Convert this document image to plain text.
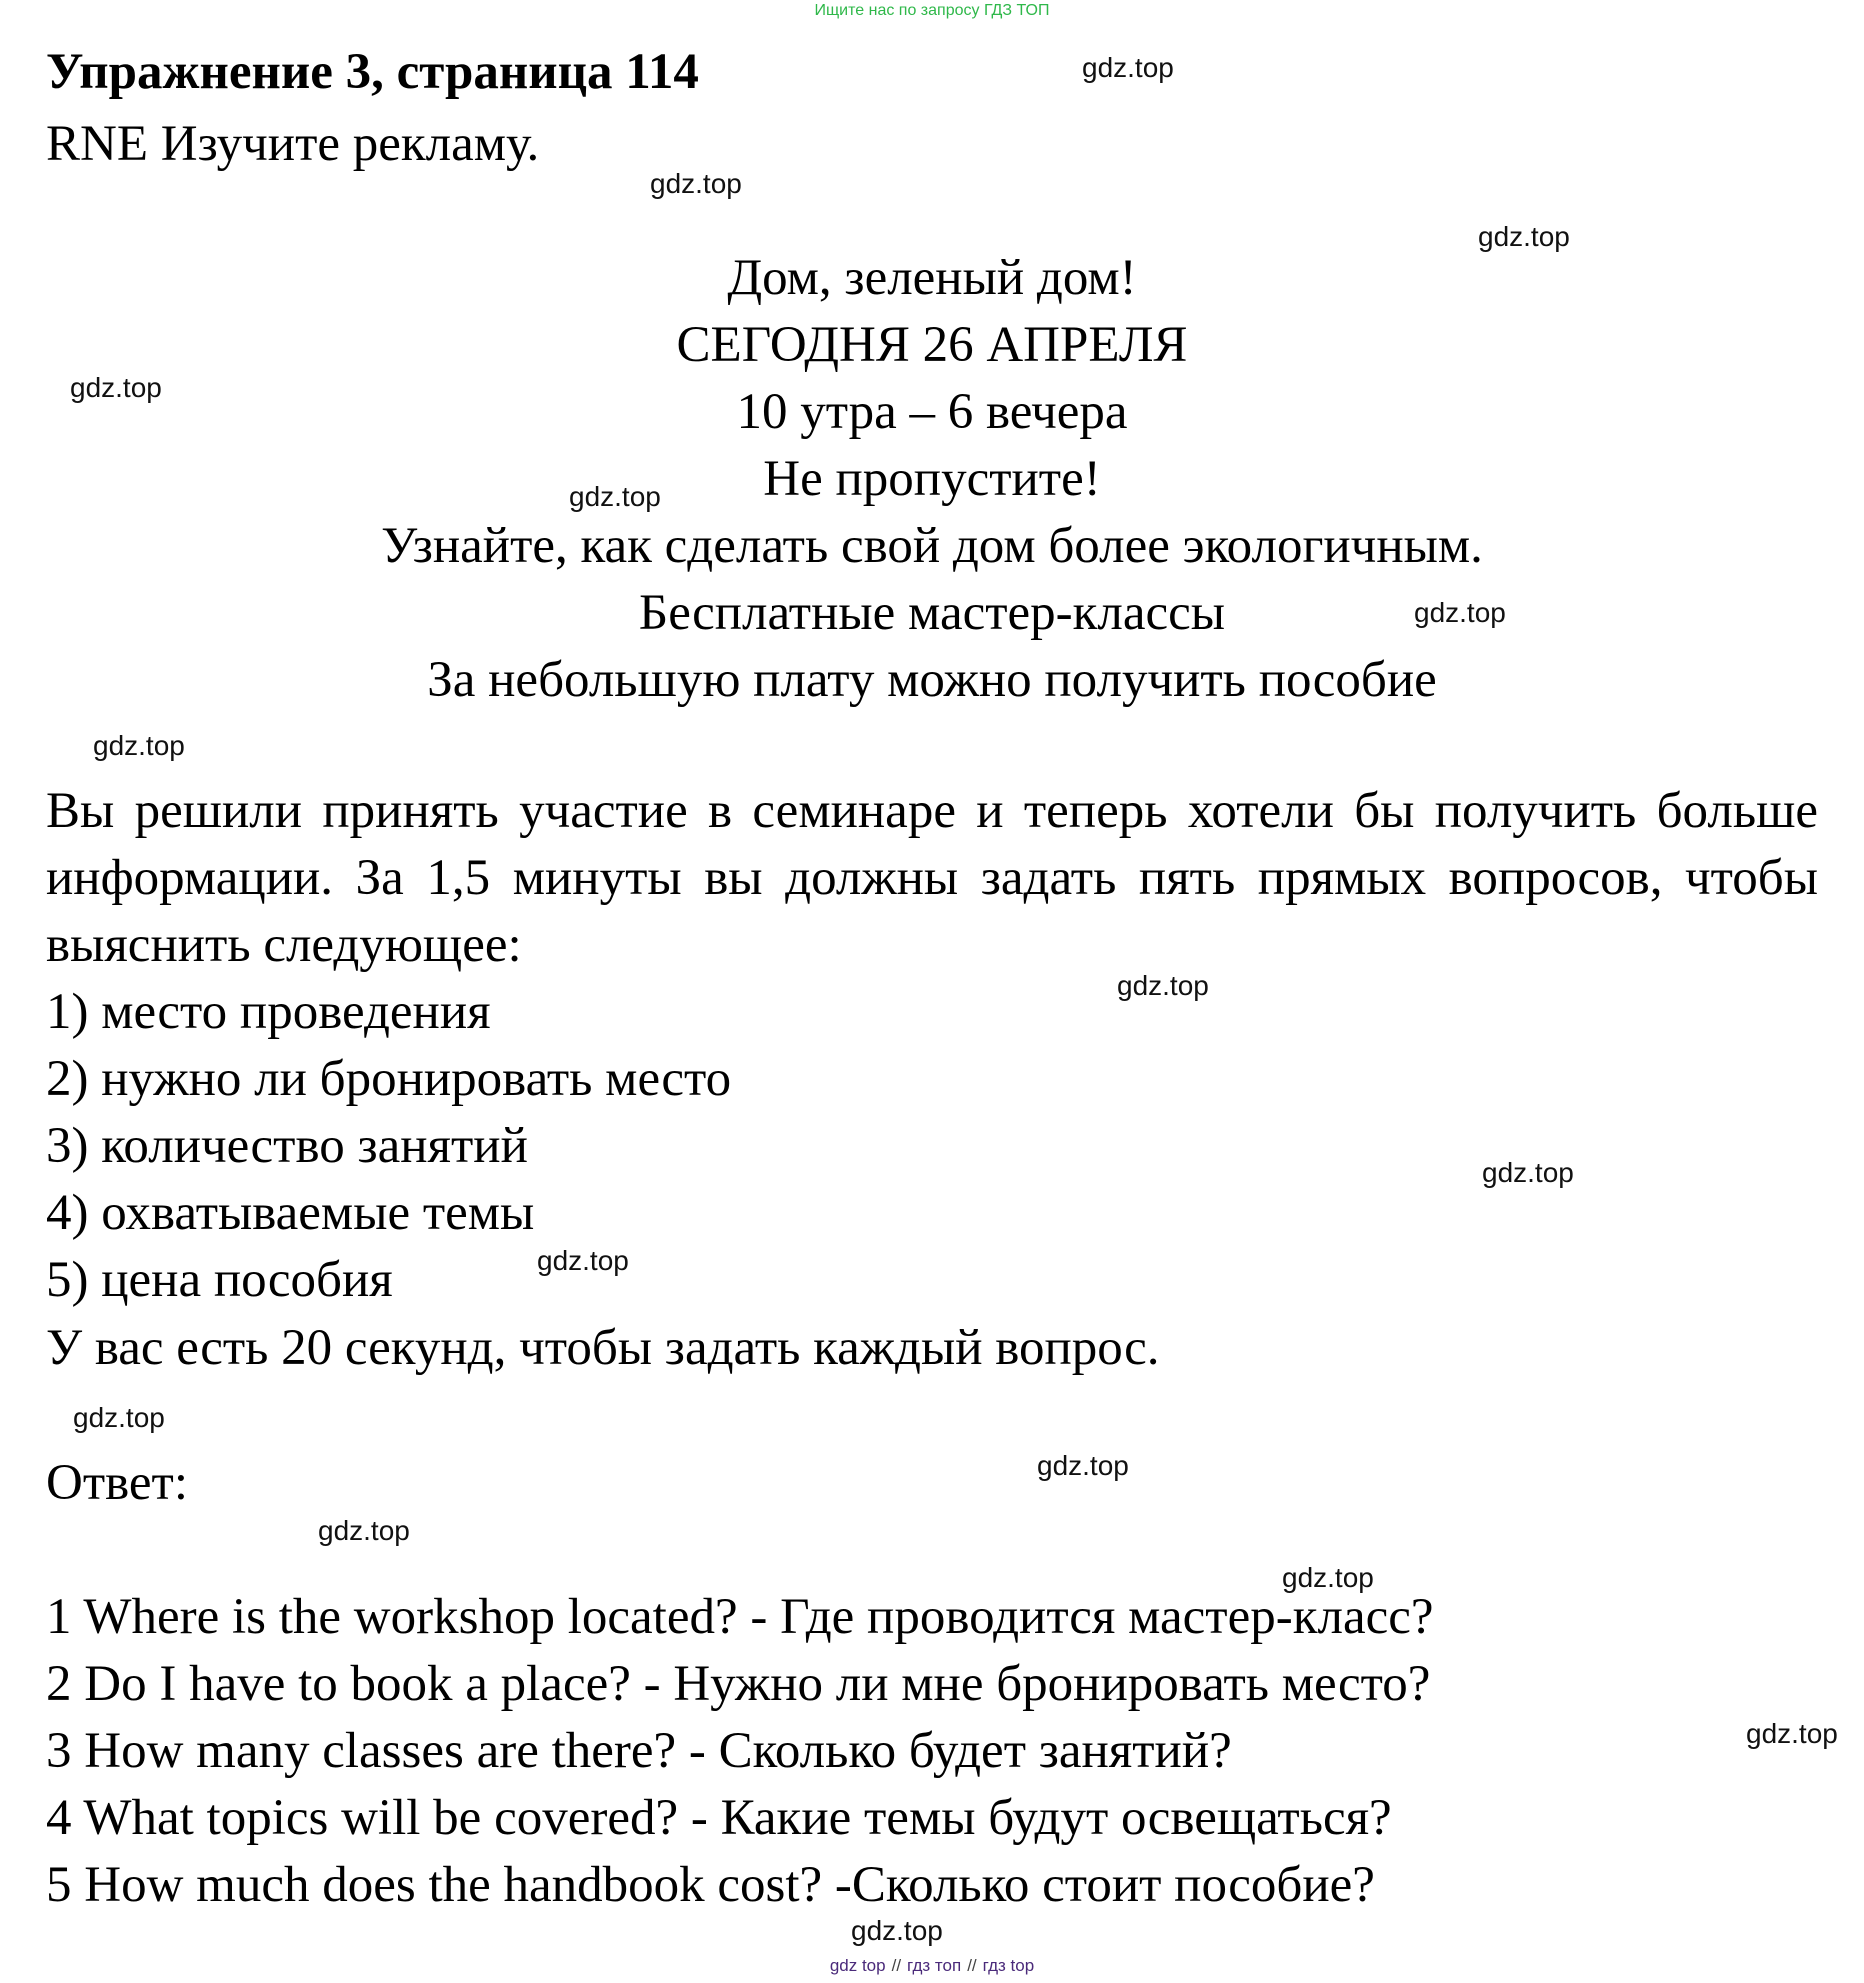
Ищите нас по запросу ГДЗ ТОП
Упражнение 3, страница 114
RNE Изучите рекламу.
Дом, зеленый дом!
СЕГОДНЯ 26 АПРЕЛЯ
10 утра – 6 вечера
Не пропустите!
Узнайте, как сделать свой дом более экологичным.
Бесплатные мастер-классы
За небольшую плату можно получить пособие
Вы решили принять участие в семинаре и теперь хотели бы получить больше информации. За 1,5 минуты вы должны задать пять прямых вопросов, чтобы выяснить следующее:
1) место проведения
2) нужно ли бронировать место
3) количество занятий
4) охватываемые темы
5) цена пособия
У вас есть 20 секунд, чтобы задать каждый вопрос.
Ответ:
1 Where is the workshop located? - Где проводится мастер-класс?
2 Do I have to book a place? - Нужно ли мне бронировать место?
3 How many classes are there? - Сколько будет занятий?
4 What topics will be covered? - Какие темы будут освещаться?
5 How much does the handbook cost? -Сколько стоит пособие?
gdz.top
gdz.top
gdz.top
gdz.top
gdz.top
gdz.top
gdz.top
gdz.top
gdz.top
gdz.top
gdz.top
gdz.top
gdz.top
gdz.top
gdz.top
gdz.top
gdz top // гдз топ // гдз top
